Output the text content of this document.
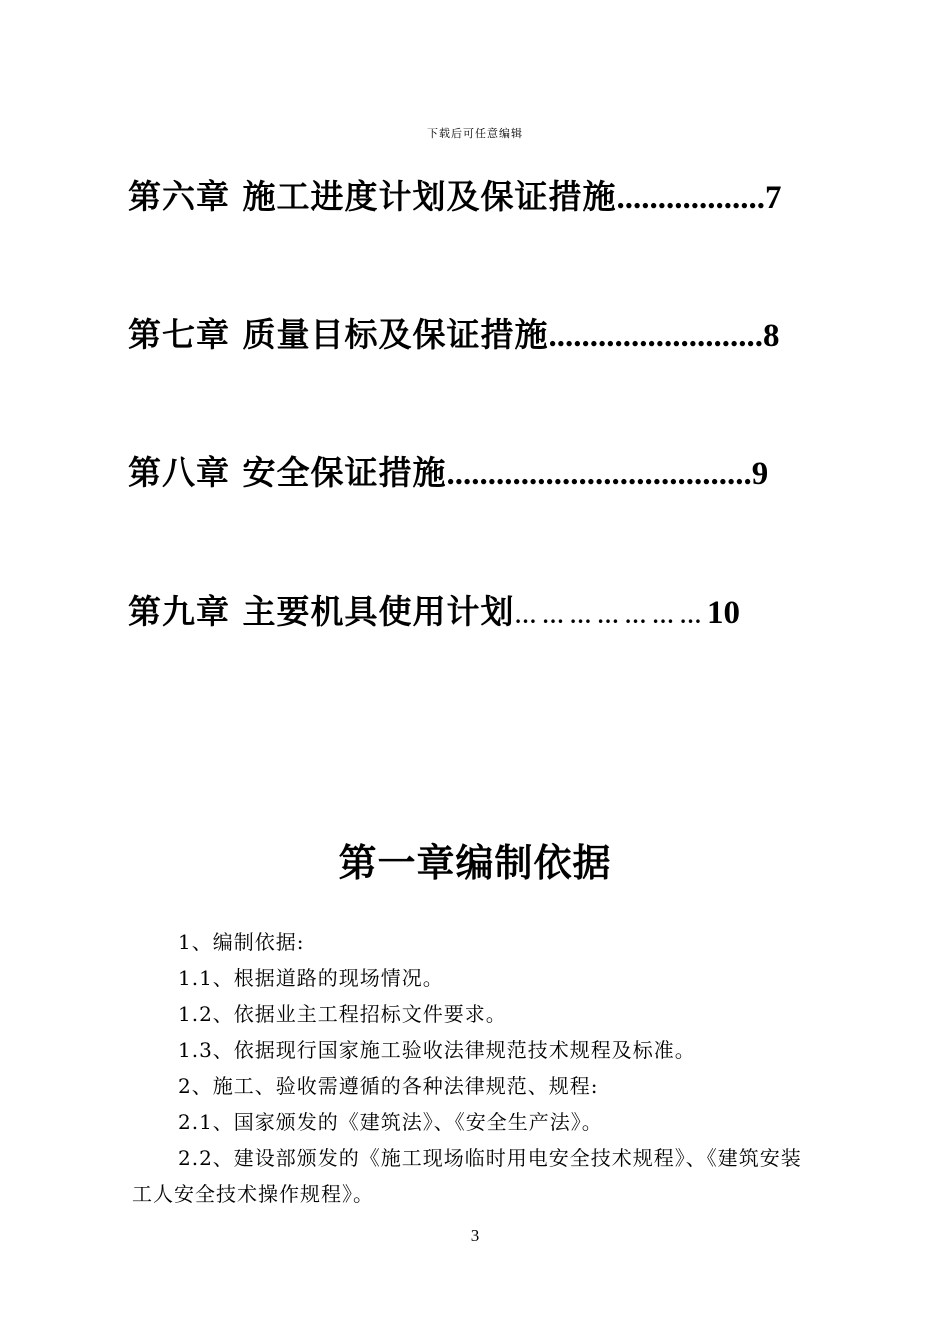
下载后可任意编辑
第六章 施工进度计划及保证措施..................7
第七章 质量目标及保证措施..........................8
第八章 安全保证措施.....................................9
第九章 主要机具使用计划… … … … … … … 10
第一章编制依据

1、编制依据:

1.1、根据道路的现场情况。

1.2、依据业主工程招标文件要求。

1.3、依据现行国家施工验收法律规范技术规程及标准。

2、施工、验收需遵循的各种法律规范、规程:

2.1、国家颁发的《建筑法》、《安全生产法》。

2.2、建设部颁发的《施工现场临时用电安全技术规程》、《建筑安装工人安全技术操作规程》。

3
